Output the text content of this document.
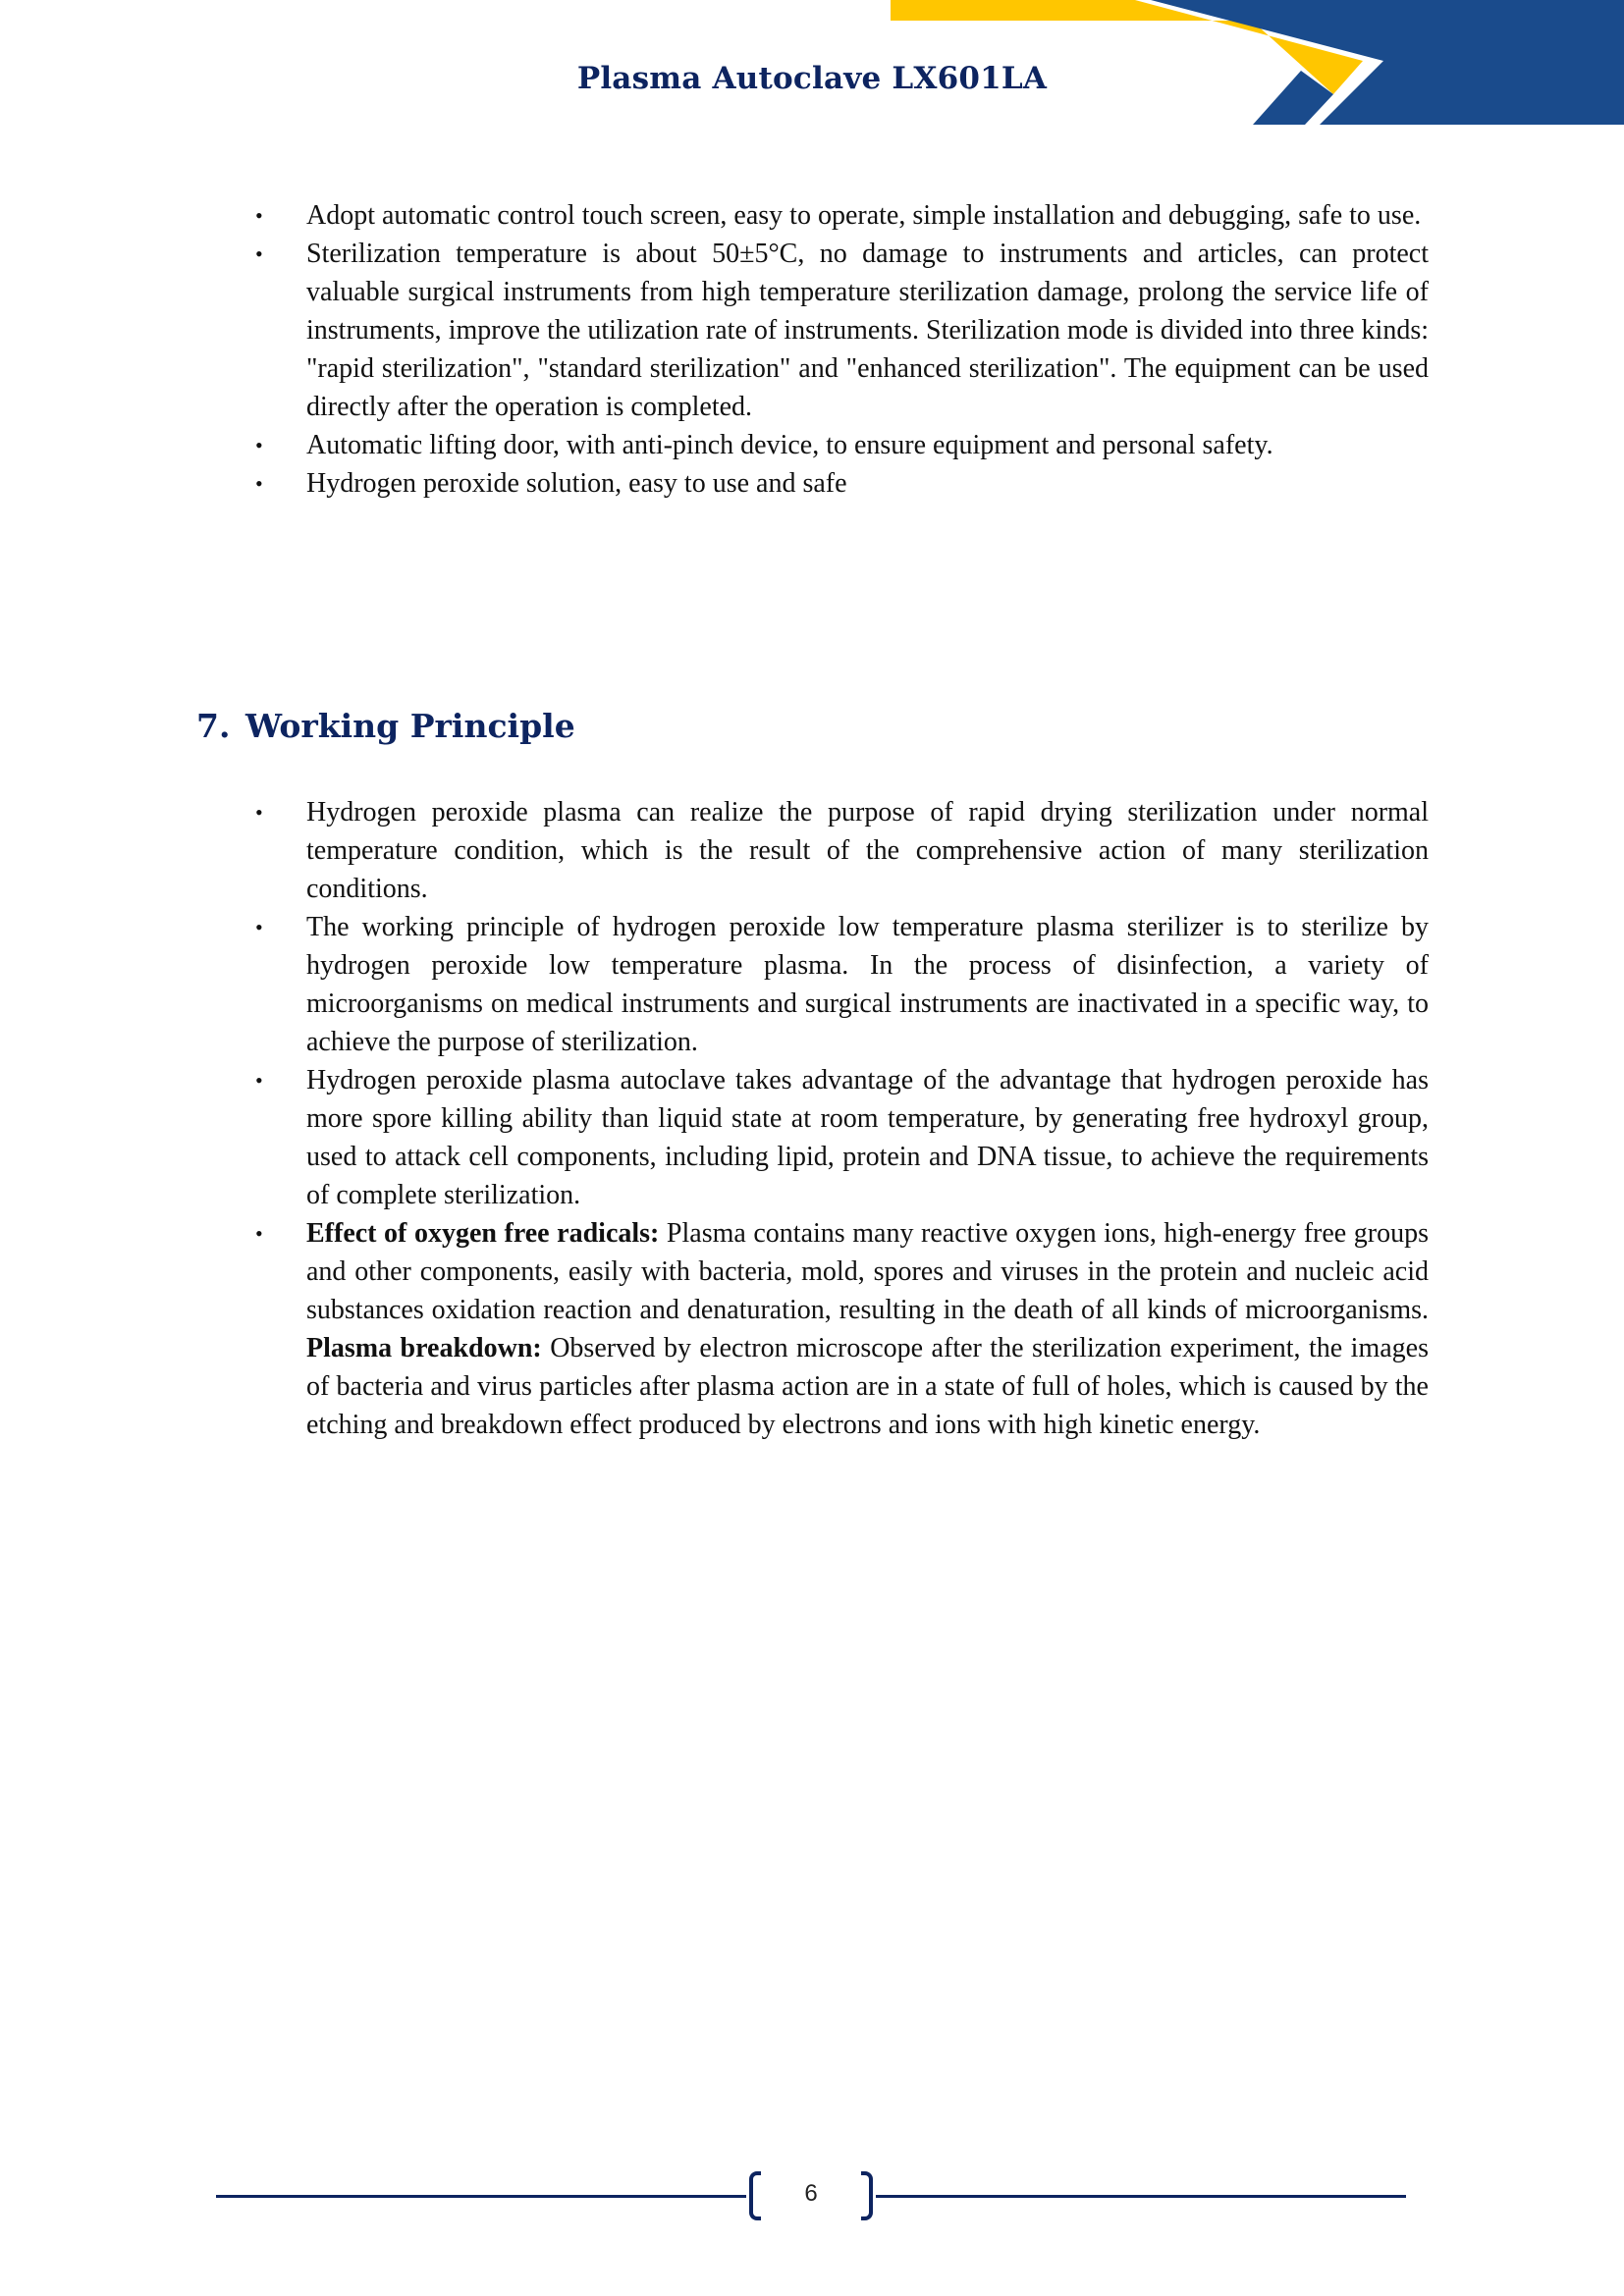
Plasma Autoclave LX601LA
• Adopt automatic control touch screen, easy to operate, simple installation and debugging, safe to use.
• Sterilization temperature is about 50±5°C, no damage to instruments and articles, can protect valuable surgical instruments from high temperature sterilization damage, prolong the service life of instruments, improve the utilization rate of instruments. Sterilization mode is divided into three kinds: "rapid sterilization", "standard sterilization" and "enhanced sterilization". The equipment can be used directly after the operation is completed.
• Automatic lifting door, with anti-pinch device, to ensure equipment and personal safety.
• Hydrogen peroxide solution, easy to use and safe
7. Working Principle
• Hydrogen peroxide plasma can realize the purpose of rapid drying sterilization under normal temperature condition, which is the result of the comprehensive action of many sterilization conditions.
• The working principle of hydrogen peroxide low temperature plasma sterilizer is to sterilize by hydrogen peroxide low temperature plasma. In the process of disinfection, a variety of microorganisms on medical instruments and surgical instruments are inactivated in a specific way, to achieve the purpose of sterilization.
• Hydrogen peroxide plasma autoclave takes advantage of the advantage that hydrogen peroxide has more spore killing ability than liquid state at room temperature, by generating free hydroxyl group, used to attack cell components, including lipid, protein and DNA tissue, to achieve the requirements of complete sterilization.
• Effect of oxygen free radicals: Plasma contains many reactive oxygen ions, high-energy free groups and other components, easily with bacteria, mold, spores and viruses in the protein and nucleic acid substances oxidation reaction and denaturation, resulting in the death of all kinds of microorganisms. Plasma breakdown: Observed by electron microscope after the sterilization experiment, the images of bacteria and virus particles after plasma action are in a state of full of holes, which is caused by the etching and breakdown effect produced by electrons and ions with high kinetic energy.
6
